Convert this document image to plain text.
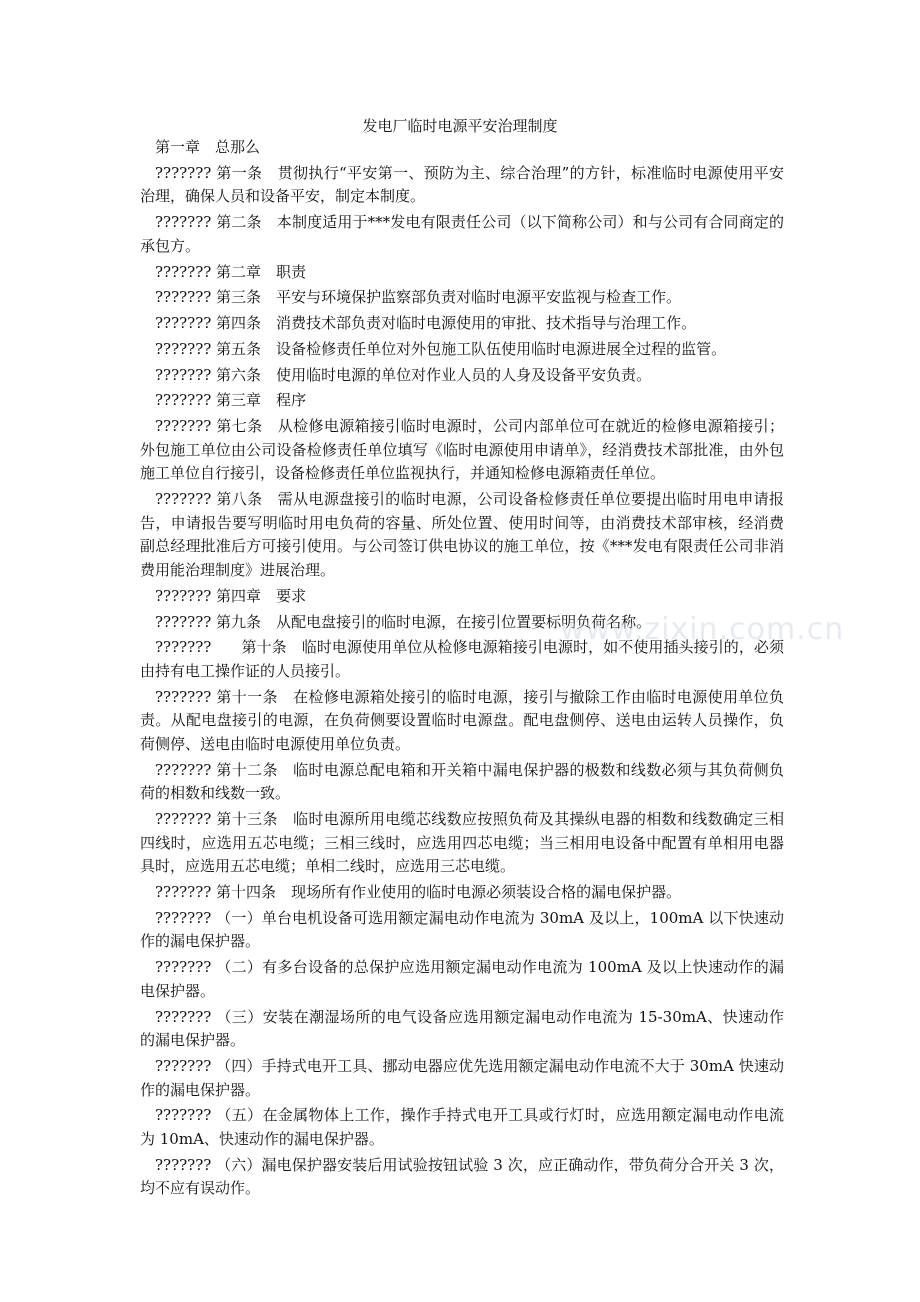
发电厂临时电源平安治理制度

第一章　总那么

??????? 第一条　贯彻执行“平安第一、预防为主、综合治理”的方针，标准临时电源使用平安治理，确保人员和设备平安，制定本制度。

??????? 第二条　本制度适用于***发电有限责任公司（以下简称公司）和与公司有合同商定的承包方。

??????? 第二章　职责

??????? 第三条　平安与环境保护监察部负责对临时电源平安监视与检查工作。

??????? 第四条　消费技术部负责对临时电源使用的审批、技术指导与治理工作。

??????? 第五条　设备检修责任单位对外包施工队伍使用临时电源进展全过程的监管。

??????? 第六条　使用临时电源的单位对作业人员的人身及设备平安负责。

??????? 第三章　程序

??????? 第七条　从检修电源箱接引临时电源时，公司内部单位可在就近的检修电源箱接引；外包施工单位由公司设备检修责任单位填写《临时电源使用申请单》，经消费技术部批准，由外包施工单位自行接引，设备检修责任单位监视执行，并通知检修电源箱责任单位。

??????? 第八条　需从电源盘接引的临时电源，公司设备检修责任单位要提出临时用电申请报告，申请报告要写明临时用电负荷的容量、所处位置、使用时间等，由消费技术部审核，经消费副总经理批准后方可接引使用。与公司签订供电协议的施工单位，按《***发电有限责任公司非消费用能治理制度》进展治理。

??????? 第四章　要求

??????? 第九条　从配电盘接引的临时电源，在接引位置要标明负荷名称。

???????　　第十条　临时电源使用单位从检修电源箱接引电源时，如不使用插头接引的，必须由持有电工操作证的人员接引。

??????? 第十一条　在检修电源箱处接引的临时电源，接引与撤除工作由临时电源使用单位负责。从配电盘接引的电源，在负荷侧要设置临时电源盘。配电盘侧停、送电由运转人员操作，负荷侧停、送电由临时电源使用单位负责。

??????? 第十二条　临时电源总配电箱和开关箱中漏电保护器的极数和线数必须与其负荷侧负荷的相数和线数一致。

??????? 第十三条　临时电源所用电缆芯线数应按照负荷及其操纵电器的相数和线数确定三相四线时，应选用五芯电缆；三相三线时，应选用四芯电缆；当三相用电设备中配置有单相用电器具时，应选用五芯电缆；单相二线时，应选用三芯电缆。

??????? 第十四条　现场所有作业使用的临时电源必须装设合格的漏电保护器。

??????? （一）单台电机设备可选用额定漏电动作电流为 30mA 及以上，100mA 以下快速动作的漏电保护器。

??????? （二）有多台设备的总保护应选用额定漏电动作电流为 100mA 及以上快速动作的漏电保护器。

??????? （三）安装在潮湿场所的电气设备应选用额定漏电动作电流为 15-30mA、快速动作的漏电保护器。

??????? （四）手持式电开工具、挪动电器应优先选用额定漏电动作电流不大于 30mA 快速动作的漏电保护器。

??????? （五）在金属物体上工作，操作手持式电开工具或行灯时，应选用额定漏电动作电流为 10mA、快速动作的漏电保护器。

??????? （六）漏电保护器安装后用试验按钮试验 3 次，应正确动作，带负荷分合开关 3 次，均不应有误动作。

www.zixin.com.cn
